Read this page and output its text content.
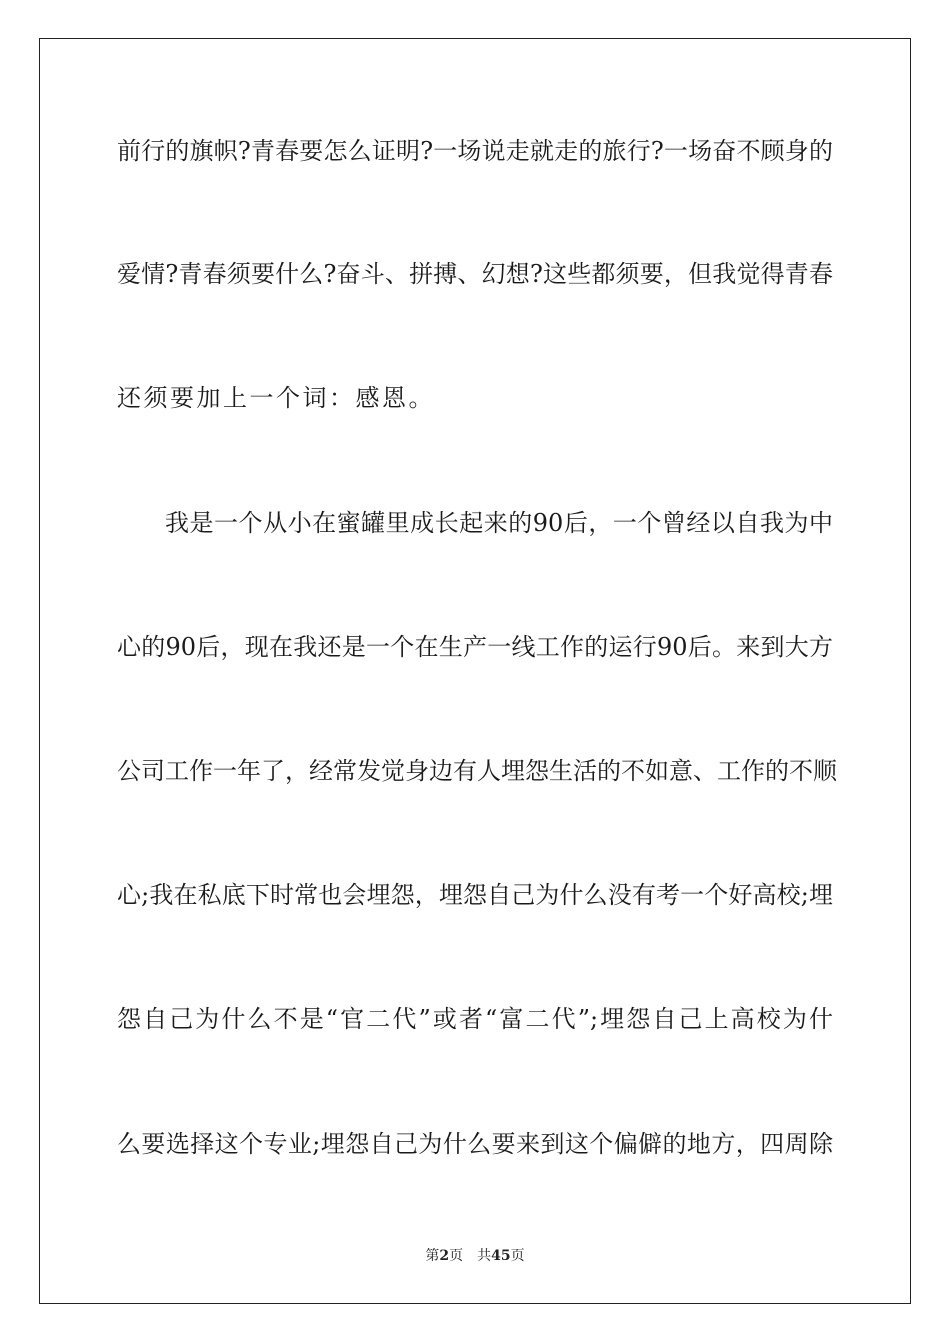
前行的旗帜?青春要怎么证明?一场说走就走的旅行?一场奋不顾身的
爱情?青春须要什么?奋斗、拼搏、幻想?这些都须要，但我觉得青春
还须要加上一个词：感恩。
我是一个从小在蜜罐里成长起来的90后，一个曾经以自我为中
心的90后，现在我还是一个在生产一线工作的运行90后。来到大方
公司工作一年了，经常发觉身边有人埋怨生活的不如意、工作的不顺
心;我在私底下时常也会埋怨，埋怨自己为什么没有考一个好高校;埋
怨自己为什么不是“官二代”或者“富二代”;埋怨自己上高校为什
么要选择这个专业;埋怨自己为什么要来到这个偏僻的地方，四周除
第2页 共45页
